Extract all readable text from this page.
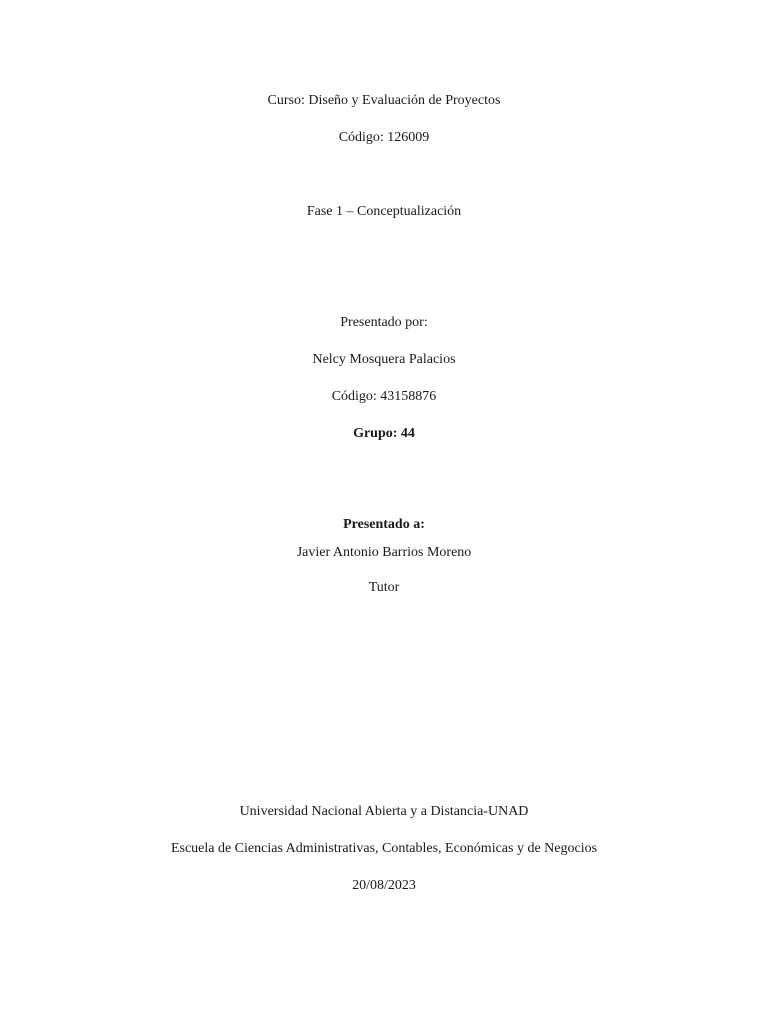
Curso: Diseño y Evaluación de Proyectos
Código: 126009
Fase 1 – Conceptualización
Presentado por:
Nelcy Mosquera Palacios
Código: 43158876
Grupo: 44
Presentado a:
Javier Antonio Barrios Moreno
Tutor
Universidad Nacional Abierta y a Distancia-UNAD
Escuela de Ciencias Administrativas, Contables, Económicas y de Negocios
20/08/2023
